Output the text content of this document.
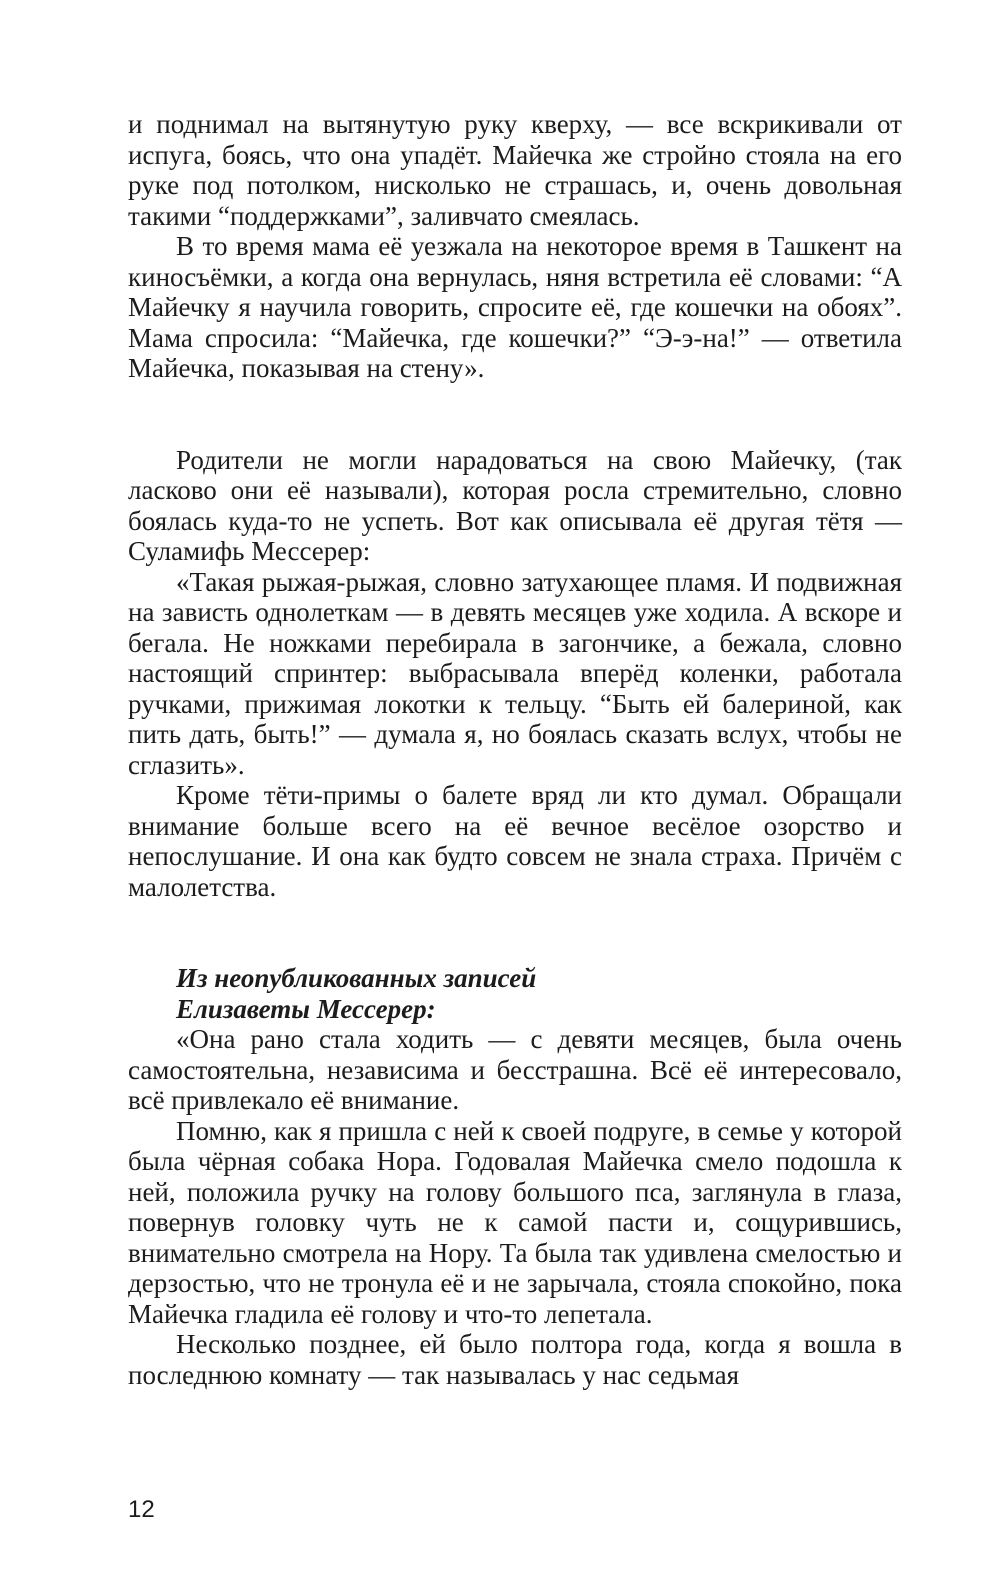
и поднимал на вытянутую руку кверху, — все вскрикивали от испуга, боясь, что она упадёт. Майечка же стройно стояла на его руке под потолком, нисколько не страшась, и, очень довольная такими “поддержками”, заливчато смеялась.

В то время мама её уезжала на некоторое время в Ташкент на киносъёмки, а когда она вернулась, няня встретила её словами: “А Майечку я научила говорить, спросите её, где кошечки на обоях”. Мама спросила: “Майечка, где кошечки?” “Э-э-на!” — ответила Майечка, показывая на стену».

Родители не могли нарадоваться на свою Майечку, (так ласково они её называли), которая росла стремительно, словно боялась куда-то не успеть. Вот как описывала её другая тётя — Суламифь Мессерер:

«Такая рыжая-рыжая, словно затухающее пламя. И подвижная на зависть однолеткам — в девять месяцев уже ходила. А вскоре и бегала. Не ножками перебирала в загончике, а бежала, словно настоящий спринтер: выбрасывала вперёд коленки, работала ручками, прижимая локотки к тельцу. “Быть ей балериной, как пить дать, быть!” — думала я, но боялась сказать вслух, чтобы не сглазить».

Кроме тёти-примы о балете вряд ли кто думал. Обращали внимание больше всего на её вечное весёлое озорство и непослушание. И она как будто совсем не знала страха. Причём с малолетства.

Из неопубликованных записей

Елизаветы Мессерер:

«Она рано стала ходить — с девяти месяцев, была очень самостоятельна, независима и бесстрашна. Всё её интересовало, всё привлекало её внимание.

Помню, как я пришла с ней к своей подруге, в семье у которой была чёрная собака Нора. Годовалая Майечка смело подошла к ней, положила ручку на голову большого пса, заглянула в глаза, повернув головку чуть не к самой пасти и, сощурившись, внимательно смотрела на Нору. Та была так удивлена смелостью и дерзостью, что не тронула её и не зарычала, стояла спокойно, пока Майечка гладила её голову и что-то лепетала.

Несколько позднее, ей было полтора года, когда я вошла в последнюю комнату — так называлась у нас седьмая

12
